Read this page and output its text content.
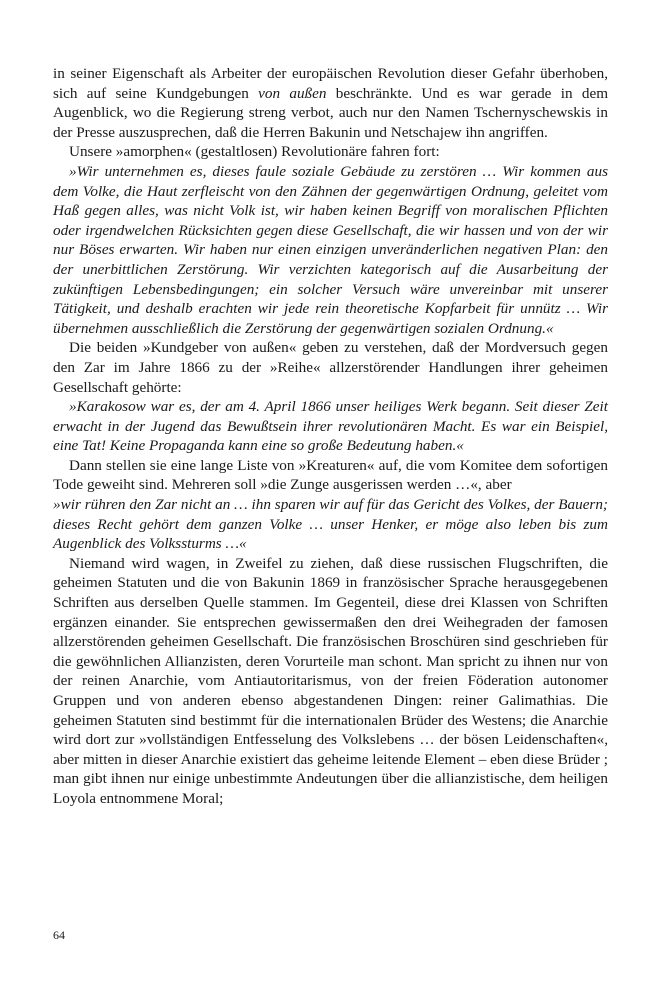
in seiner Eigenschaft als Arbeiter der europäischen Revolution dieser Gefahr überhoben, sich auf seine Kundgebungen von außen beschränkte. Und es war gerade in dem Augenblick, wo die Regierung streng verbot, auch nur den Namen Tschernyschewskis in der Presse auszusprechen, daß die Herren Bakunin und Netschajew ihn angriffen.

Unsere »amorphen« (gestaltlosen) Revolutionäre fahren fort:

»Wir unternehmen es, dieses faule soziale Gebäude zu zerstören … Wir kommen aus dem Volke, die Haut zerfleischt von den Zähnen der gegenwärtigen Ordnung, geleitet vom Haß gegen alles, was nicht Volk ist, wir haben keinen Begriff von moralischen Pflichten oder irgendwelchen Rücksichten gegen diese Gesellschaft, die wir hassen und von der wir nur Böses erwarten. Wir haben nur einen einzigen unveränderlichen negativen Plan: den der unerbittlichen Zerstörung. Wir verzichten kategorisch auf die Ausarbeitung der zukünftigen Lebensbedingungen; ein solcher Versuch wäre unvereinbar mit unserer Tätigkeit, und deshalb erachten wir jede rein theoretische Kopfarbeit für unnütz … Wir übernehmen ausschließlich die Zerstörung der gegenwärtigen sozialen Ordnung.«

Die beiden »Kundgeber von außen« geben zu verstehen, daß der Mordversuch gegen den Zar im Jahre 1866 zu der »Reihe« allzerstörender Handlungen ihrer geheimen Gesellschaft gehörte:

»Karakosow war es, der am 4. April 1866 unser heiliges Werk begann. Seit dieser Zeit erwacht in der Jugend das Bewußtsein ihrer revolutionären Macht. Es war ein Beispiel, eine Tat! Keine Propaganda kann eine so große Bedeutung haben.«

Dann stellen sie eine lange Liste von »Kreaturen« auf, die vom Komitee dem sofortigen Tode geweiht sind. Mehreren soll »die Zunge ausgerissen werden …«, aber

»wir rühren den Zar nicht an … ihn sparen wir auf für das Gericht des Volkes, der Bauern; dieses Recht gehört dem ganzen Volke … unser Henker, er möge also leben bis zum Augenblick des Volkssturms …«

Niemand wird wagen, in Zweifel zu ziehen, daß diese russischen Flugschriften, die geheimen Statuten und die von Bakunin 1869 in französischer Sprache herausgegebenen Schriften aus derselben Quelle stammen. Im Gegenteil, diese drei Klassen von Schriften ergänzen einander. Sie entsprechen gewissermaßen den drei Weihegraden der famosen allzerstörenden geheimen Gesellschaft. Die französischen Broschüren sind geschrieben für die gewöhnlichen Allianzisten, deren Vorurteile man schont. Man spricht zu ihnen nur von der reinen Anarchie, vom Antiautoritarismus, von der freien Föderation autonomer Gruppen und von anderen ebenso abgestandenen Dingen: reiner Galimathias. Die geheimen Statuten sind bestimmt für die internationalen Brüder des Westens; die Anarchie wird dort zur »vollständigen Entfesselung des Volkslebens … der bösen Leidenschaften«, aber mitten in dieser Anarchie existiert das geheime leitende Element – eben diese Brüder ; man gibt ihnen nur einige unbestimmte Andeutungen über die allianzistische, dem heiligen Loyola entnommene Moral;

64
